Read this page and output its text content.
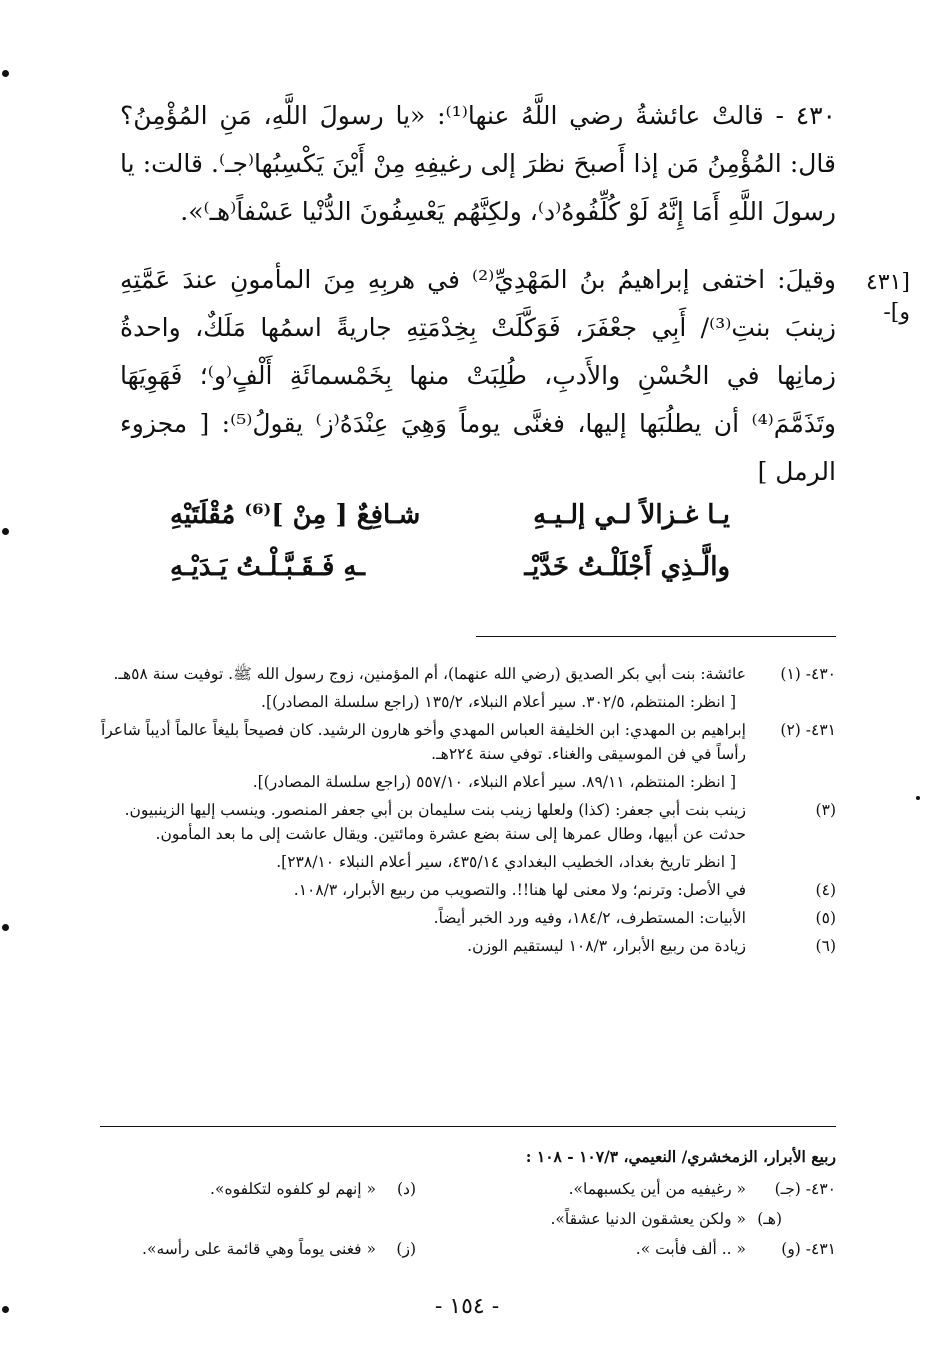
[٤٣١ و]-

٤٣٠ - قالتْ عائشةُ رضي اللَّهُ عنها⁽¹⁾: «يا رسولَ اللَّهِ، مَنِ المُؤْمِنُ؟ قال: المُؤْمِنُ مَن إذا أَصبحَ نظرَ إلى رغيفِهِ مِنْ أَيْنَ يَكْسِبُها⁽جـ⁾. قالت: يا رسولَ اللَّهِ أَمَا إِنَّهُ لَوْ كُلِّفُوهُ⁽د⁾، ولكِنَّهُم يَعْسِفُونَ الدُّنْيا عَسْفاً⁽هـ⁾».

وقيلَ: اختفى إبراهيمُ بنُ المَهْدِيِّ⁽²⁾ في هربِهِ مِنَ المأمونِ عندَ عَمَّتِهِ زينبَ بنتِ⁽³⁾/ أَبِي جعْفَرَ، فَوَكَّلَتْ بِخِدْمَتِهِ جاريةً اسمُها مَلَكٌ، واحدةُ زمانِها في الحُسْنِ والأَدبِ، طُلِبَتْ منها بِخَمْسمائَةِ أَلْفٍ⁽و⁾؛ فَهَوِيَهَا وتَذَمَّمَ⁽⁴⁾ أن يطلُبَها إليها، فغنَّى يوماً وَهِيَ عِنْدَهُ⁽ز⁾ يقولُ⁽⁵⁾: [ مجزوء الرمل ]

يـا غـزالاً لـي إلـيـهِ
شـافِعٌ [ مِنْ ]⁽⁶⁾ مُقْلَتَيْهِ
والَّـذِي أَجْلَلْـتُ خَدَّيْـ
ـهِ فَـقَـبَّـلْـتُ يَـدَيْـهِ
٤٣٠- (١)
عائشة: بنت أبي بكر الصديق (رضي الله عنهما)، أم المؤمنين، زوج رسول الله ﷺ. توفيت سنة ٥٨هـ.
[ انظر: المنتظم، ٣٠٢/٥. سير أعلام النبلاء، ١٣٥/٢ (راجع سلسلة المصادر)].
٤٣١- (٢)
إبراهيم بن المهدي: ابن الخليفة العباس المهدي وأخو هارون الرشيد. كان فصيحاً بليغاً عالماً أديباً شاعراً رأساً في فن الموسيقى والغناء. توفي سنة ٢٢٤هـ.
[ انظر: المنتظم، ٨٩/١١. سير أعلام النبلاء، ٥٥٧/١٠ (راجع سلسلة المصادر)].
(٣)
زينب بنت أبي جعفر: (كذا) ولعلها زينب بنت سليمان بن أبي جعفر المنصور. وينسب إليها الزينبيون. حدثت عن أبيها، وطال عمرها إلى سنة بضع عشرة ومائتين. ويقال عاشت إلى ما بعد المأمون.
[ انظر تاريخ بغداد، الخطيب البغدادي ٤٣٥/١٤، سير أعلام النبلاء ٢٣٨/١٠].
(٤)
في الأصل: وترنم؛ ولا معنى لها هنا!!. والتصويب من ربيع الأبرار، ١٠٨/٣.
(٥)
الأبيات: المستطرف، ١٨٤/٢، وفيه ورد الخبر أيضاً.
(٦)
زيادة من ربيع الأبرار، ١٠٨/٣ ليستقيم الوزن.
ربيع الأبرار، الزمخشري/ النعيمي، ١٠٧/٣ - ١٠٨ :
٤٣٠- (جـ)
« رغيفيه من أين يكسبهما».
(د)
« إنهم لو كلفوه لتكلفوه».
(هـ)
« ولكن يعشقون الدنيا عشقاً».
٤٣١- (و)
« .. ألف فأبت ».
(ز)
« فغنى يوماً وهي قائمة على رأسه».
- ١٥٤ -
